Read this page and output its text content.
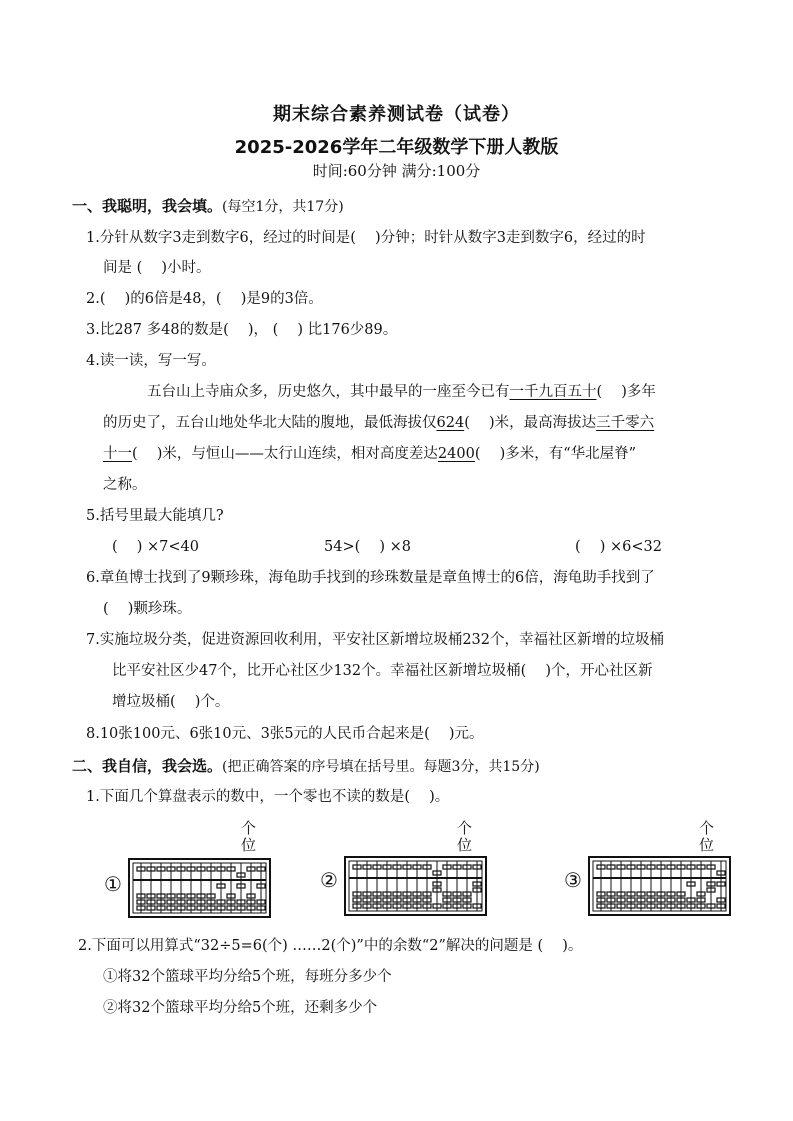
期末综合素养测试卷（试卷）
2025-2026学年二年级数学下册人教版
时间:60分钟 满分:100分
一、我聪明，我会填。(每空1分，共17分)
1.分针从数字3走到数字6，经过的时间是(　 )分钟；时针从数字3走到数字6，经过的时
间是 (　 )小时。
2.(　 )的6倍是48，(　 )是9的3倍。
3.比287 多48的数是(　 )， (　 ) 比176少89。
4.读一读，写一写。
五台山上寺庙众多，历史悠久，其中最早的一座至今已有一千九百五十(　 )多年
的历史了，五台山地处华北大陆的腹地，最低海拔仅624(　 )米，最高海拔达三千零六
十一(　 )米，与恒山——太行山连续，相对高度差达2400(　 )多米，有“华北屋脊”
之称。
5.括号里最大能填几?
(　 ) ×7<40	54>(　 ) ×8	(　 ) ×6<32
6.章鱼博士找到了9颗珍珠，海龟助手找到的珍珠数量是章鱼博士的6倍，海龟助手找到了
(　 )颗珍珠。
7.实施垃圾分类，促进资源回收利用，平安社区新增垃圾桶232个，幸福社区新增的垃圾桶
比平安社区少47个，比开心社区少132个。幸福社区新增垃圾桶(　 )个，开心社区新
增垃圾桶(　 )个。
8.10张100元、6张10元、3张5元的人民币合起来是(　 )元。
二、我自信，我会选。(把正确答案的序号填在括号里。每题3分，共15分)
1.下面几个算盘表示的数中，一个零也不读的数是(　 )。
①
个
位
②
个
位
③
个
位
2.下面可以用算式“32÷5=6(个) ……2(个)”中的余数“2”解决的问题是 (　 )。
①将32个篮球平均分给5个班，每班分多少个
②将32个篮球平均分给5个班，还剩多少个
